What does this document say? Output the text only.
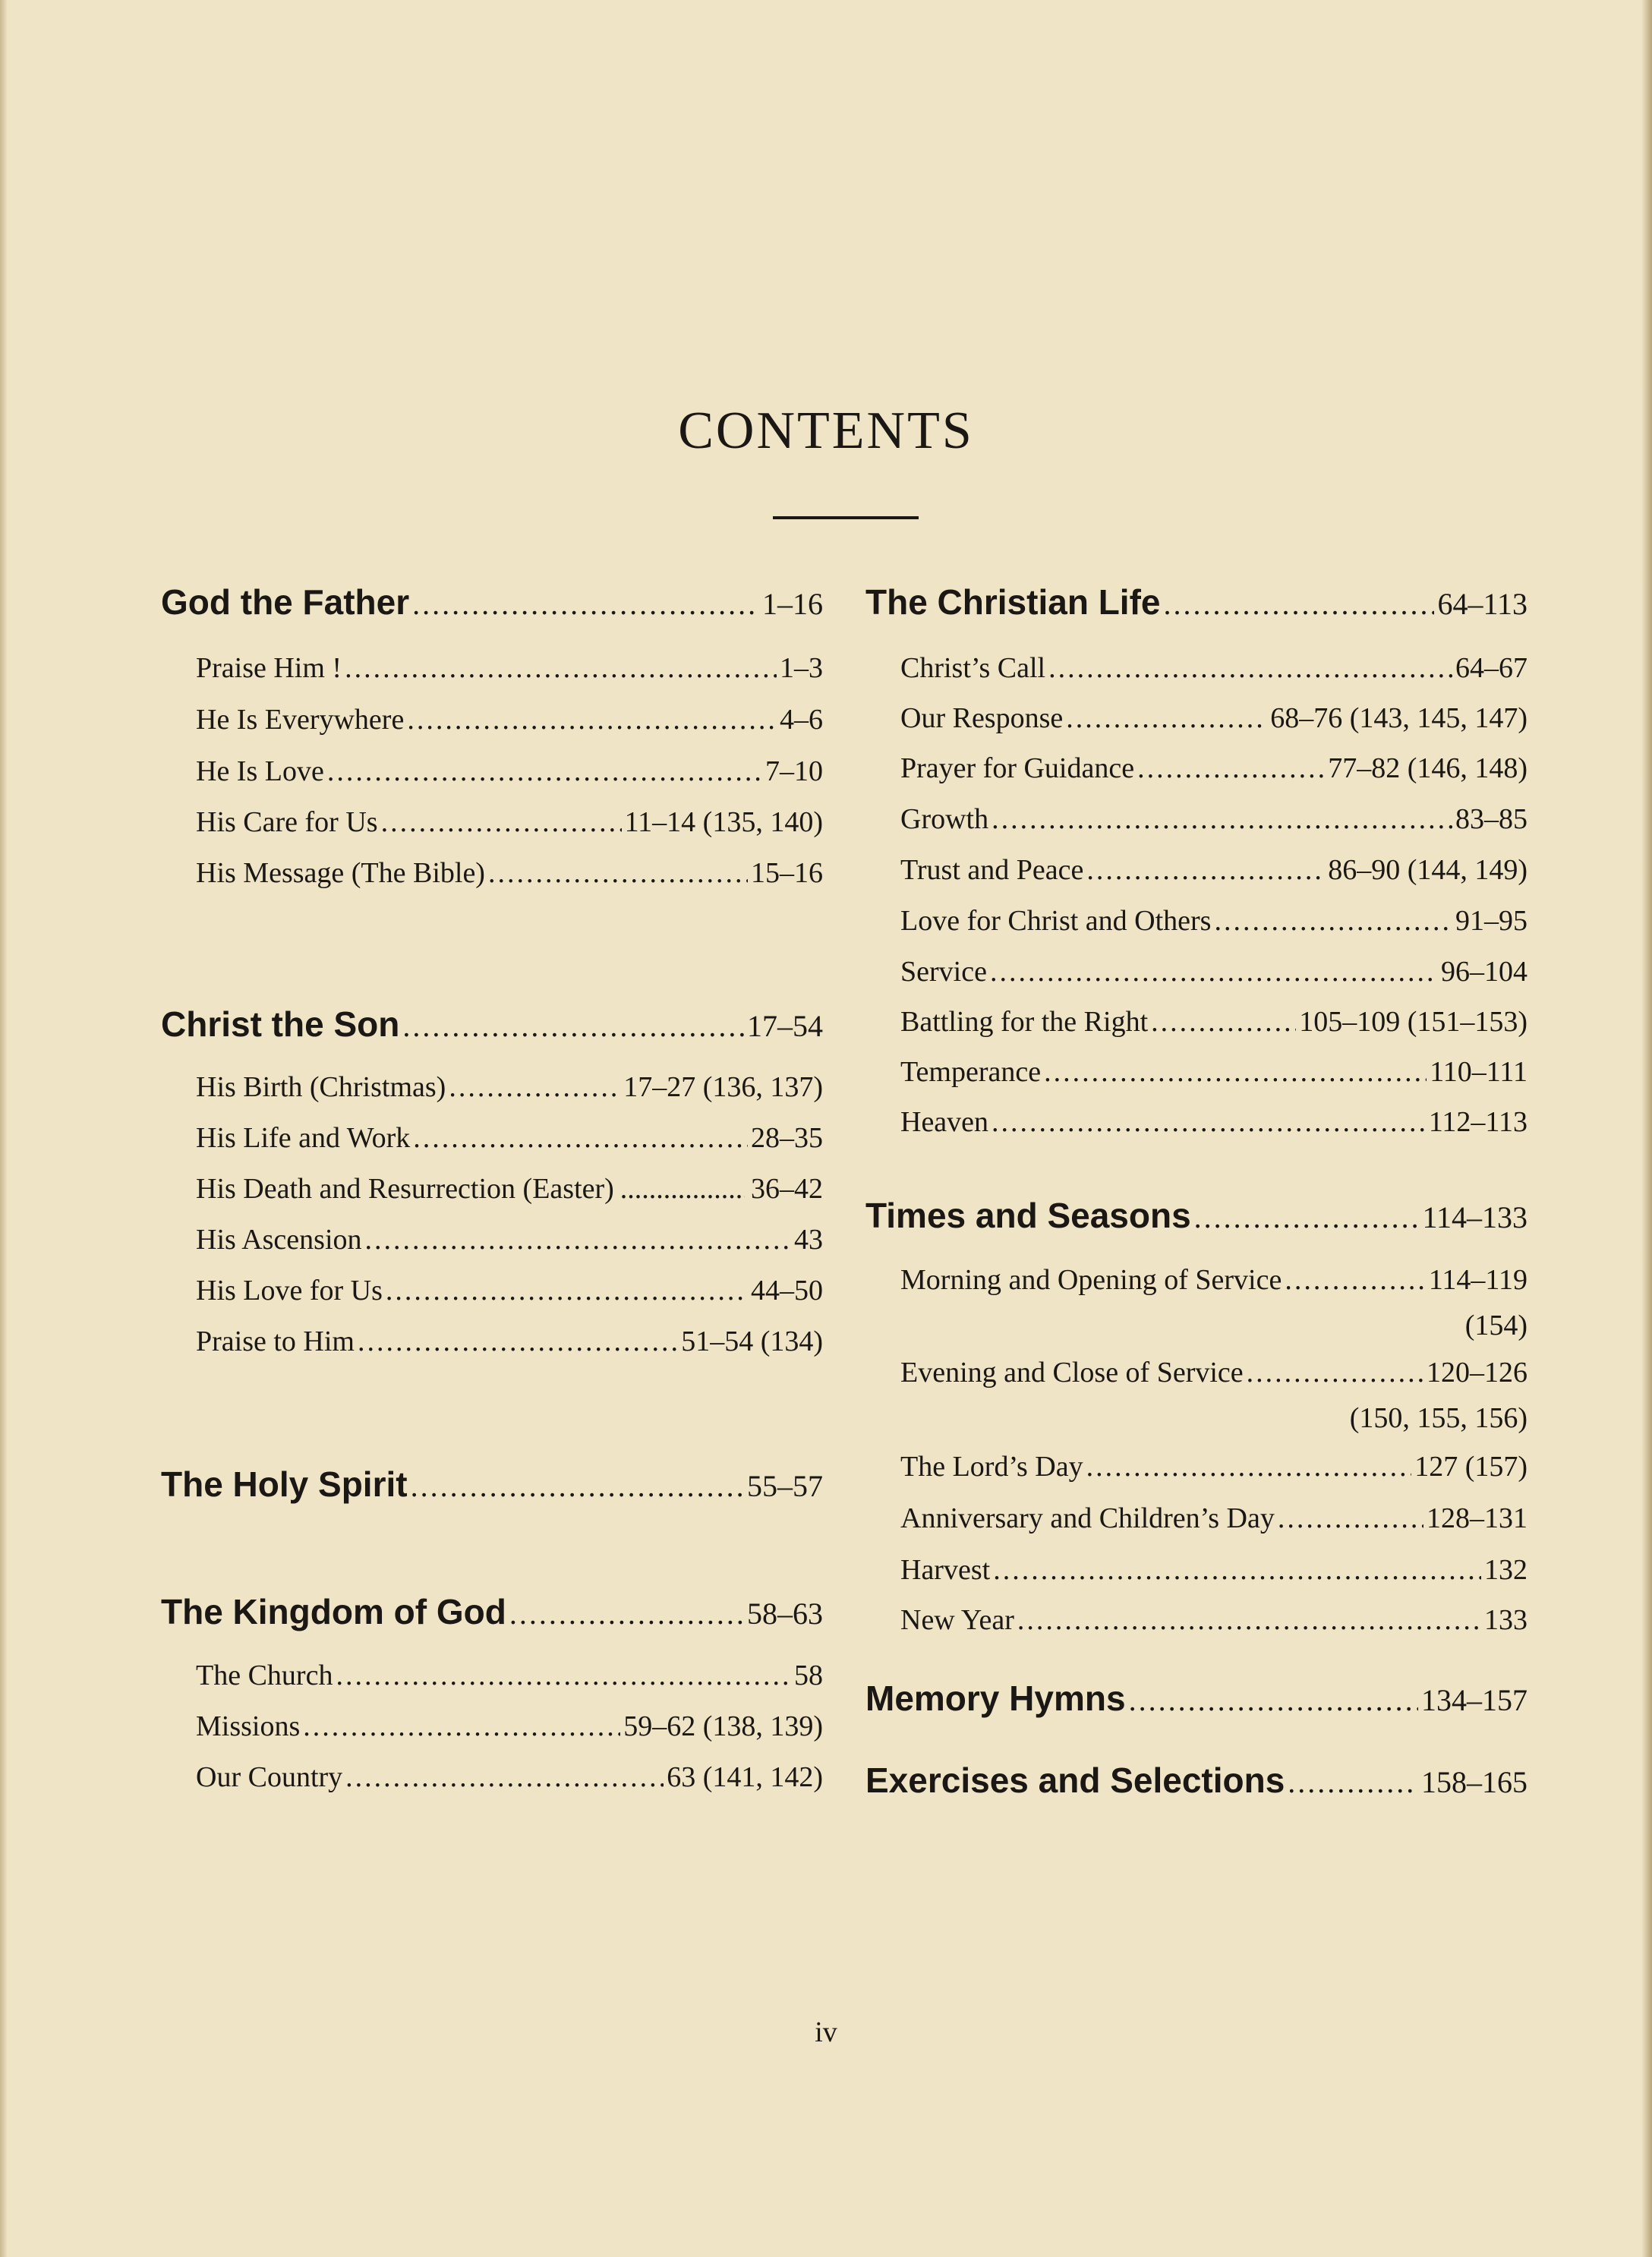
CONTENTS
God the Father .....	1–16
Praise Him ! .....	1–3
He Is Everywhere .....	4–6
He Is Love .....	7–10
His Care for Us .....	11–14 (135, 140)
His Message (The Bible) .....	15–16
Christ the Son .....	17–54
His Birth (Christmas) .....	17–27 (136, 137)
His Life and Work .....	28–35
His Death and Resurrection (Easter) .....	36–42
His Ascension .....	43
His Love for Us .....	44–50
Praise to Him .....	51–54 (134)
The Holy Spirit .....	55–57
The Kingdom of God .....	58–63
The Church .....	58
Missions .....	59–62 (138, 139)
Our Country .....	63 (141, 142)
The Christian Life .....	64–113
Christ’s Call .....	64–67
Our Response .....	68–76 (143, 145, 147)
Prayer for Guidance .....	77–82 (146, 148)
Growth .....	83–85
Trust and Peace .....	86–90 (144, 149)
Love for Christ and Others .....	91–95
Service .....	96–104
Battling for the Right .....	105–109 (151–153)
Temperance .....	110–111
Heaven .....	112–113
Times and Seasons .....	114–133
Morning and Opening of Service .....	114–119
(154)
Evening and Close of Service .....	120–126
(150, 155, 156)
The Lord’s Day .....	127 (157)
Anniversary and Children’s Day .....	128–131
Harvest .....	132
New Year .....	133
Memory Hymns .....	134–157
Exercises and Selections .....	158–165
iv
